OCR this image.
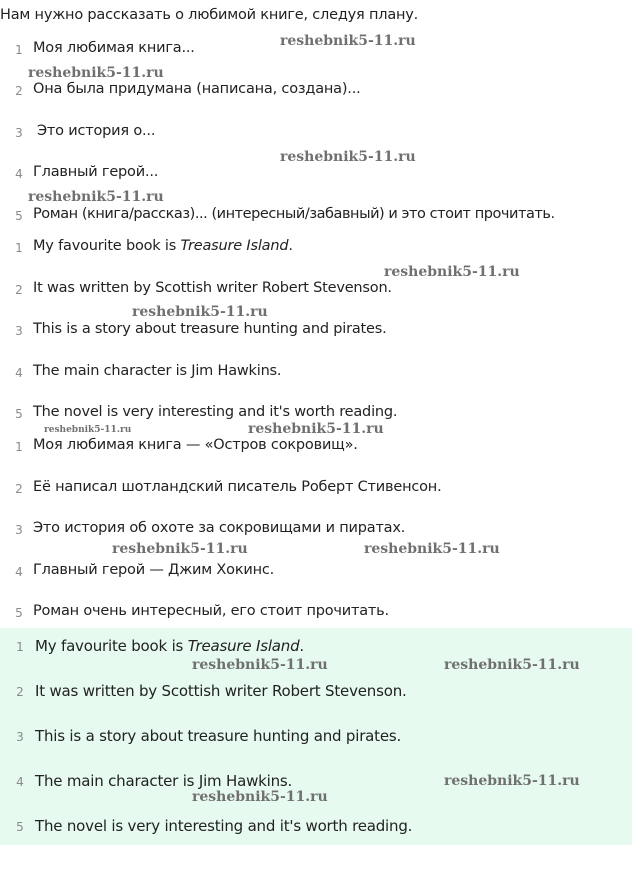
Нам нужно рассказать о любимой книге, следуя плану.
1 Моя любимая книга...
2 Она была придумана (написана, создана)...
3 Это история о...
4 Главный герой...
5 Роман (книга/рассказ)... (интересный/забавный) и это стоит прочитать.
1 My favourite book is Treasure Island.
2 It was written by Scottish writer Robert Stevenson.
3 This is a story about treasure hunting and pirates.
4 The main character is Jim Hawkins.
5 The novel is very interesting and it's worth reading.
1 Моя любимая книга — «Остров сокровищ».
2 Её написал шотландский писатель Роберт Стивенсон.
3 Это история об охоте за сокровищами и пиратах.
4 Главный герой — Джим Хокинс.
5 Роман очень интересный, его стоит прочитать.
1 My favourite book is Treasure Island.
2 It was written by Scottish writer Robert Stevenson.
3 This is a story about treasure hunting and pirates.
4 The main character is Jim Hawkins.
5 The novel is very interesting and it's worth reading.
reshebnik5-11.ru
reshebnik5-11.ru
reshebnik5-11.ru
reshebnik5-11.ru
reshebnik5-11.ru
reshebnik5-11.ru
reshebnik5-11.ru	reshebnik5-11.ru
reshebnik5-11.ru	reshebnik5-11.ru
reshebnik5-11.ru	reshebnik5-11.ru
reshebnik5-11.ru
reshebnik5-11.ru
